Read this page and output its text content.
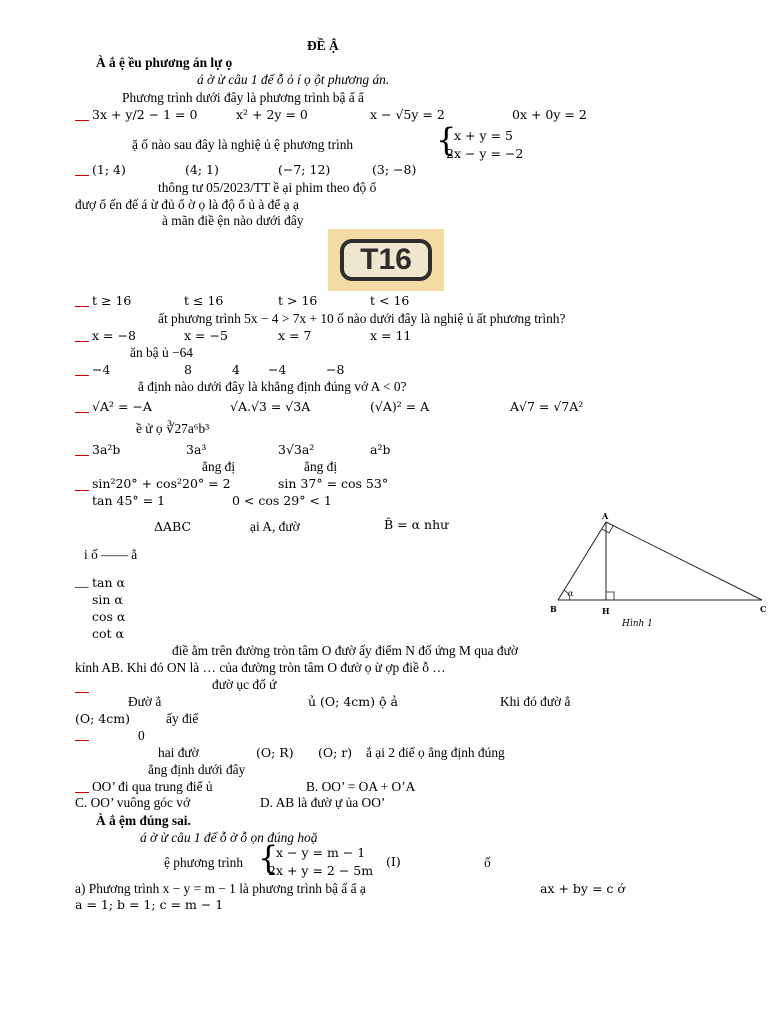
ĐỀ Ậ
À ắ ệ ều phương án lự ọ
á ờ ừ câu 1 đế ỗ ỏ í ọ ột phương án.
Phương trình dưới đây là phương trình bậ ấ ẩ
3x + y/2 − 1 = 0	x² + 2y = 0	x − √5y = 2	0x + 0y = 2
ặ ố nào sau đây là nghiệ ủ ệ phương trình	{
x + y = 5
2x − y = −2
(1; 4)	(4; 1)	(−7; 12)	(3; −8)
thông tư 05/2023/TT ề ại phim theo độ ổ
đượ ổ ến đế á ừ đủ ổ ờ ọ là độ ổ ủ à để ạ ạ
à mãn điề ện nào dưới đây
T16
t ≥ 16	t ≤ 16	t > 16	t < 16
ất phương trình 5x − 4 > 7x + 10 ố nào dưới đây là nghiệ ủ ất phương trình?
x = −8	x = −5	x = 7	x = 11
ăn bậ ủ −64
−4	8	4 −4	−8
ẳ định nào dưới đây là khẳng định đúng vớ A < 0?
√A² = −A	√A.√3 = √3A	(√A)² = A	A√7 = √7A²
ề ử ọ ∛27a⁶b³
3a²b	3a³	3√3a²	a²b
ẳng đị	ẳng đị
sin²20° + cos²20° = 2	sin 37° = cos 53°
tan 45° = 1	0 < cos 29° < 1
ΔABC	ại A, đườ	B̂ = α như
i ố —— ằ
__ tan α
sin α
cos α
cot α
A
B	H	C
α
Hình 1
điề ằm trên đường tròn tâm O đườ ấy điểm N đố ứng M qua đườ
kính AB. Khi đó ON là … của đường tròn tâm O đườ ọ ừ ợp điề ỗ …
đườ ục đố ứ
Đườ ẳ	ủ (O; 4cm) ộ ả	Khi đó đườ ẳ
(O; 4cm)	ấy điể
0
hai đườ	(O; R) (O; r) ắ ại 2 điể ọ ẳng định đúng
ẳng định dưới đây
OO’ đi qua trung điể ủ	B. OO’ = OA + O’A
C. OO’ vuông góc vớ	D. AB là đườ ự ủa OO’
À ắ ệm đúng sai.
á ờ ừ câu 1 đế ỗ ờ ỗ ọn đúng hoặ
ệ phương trình {
x − y = m − 1
2x + y = 2 − 5m
(I)	ố
a) Phương trình x − y = m − 1 là phương trình bậ ấ ẩ ạ	ax + by = c ớ
a = 1; b = 1; c = m − 1
